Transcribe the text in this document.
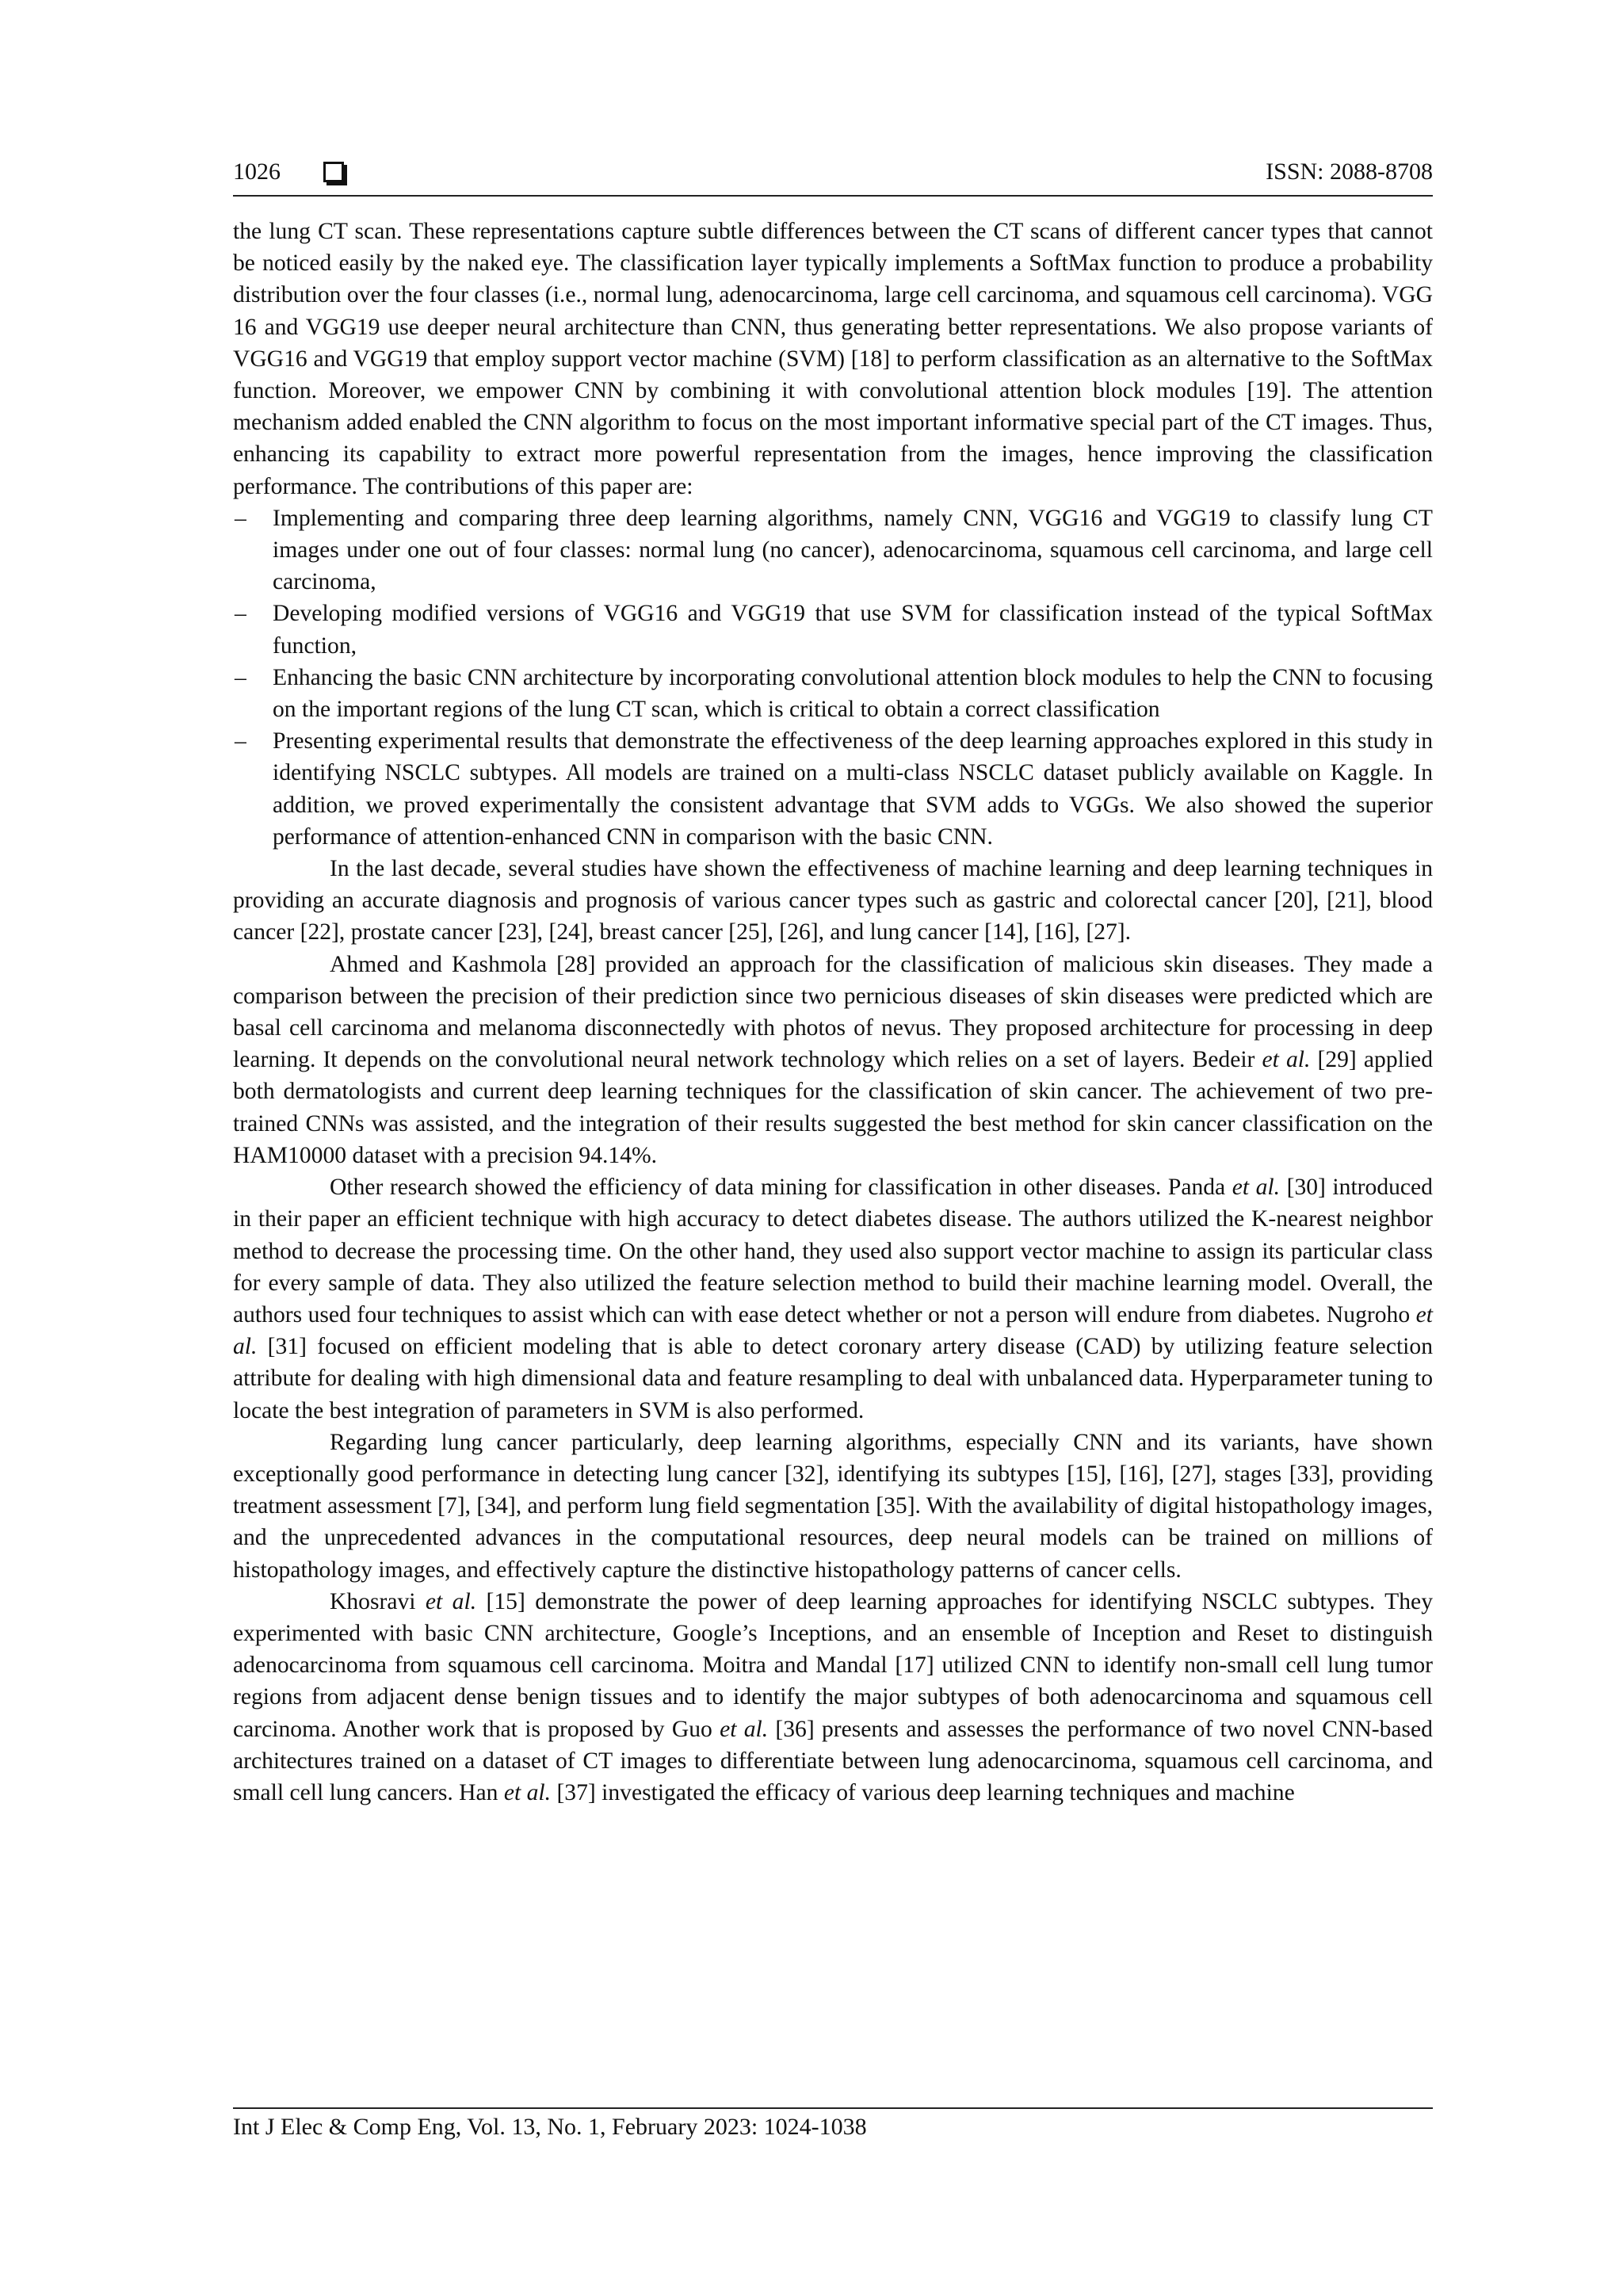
1026	ISSN: 2088-8708

the lung CT scan. These representations capture subtle differences between the CT scans of different cancer types that cannot be noticed easily by the naked eye. The classification layer typically implements a SoftMax function to produce a probability distribution over the four classes (i.e., normal lung, adenocarcinoma, large cell carcinoma, and squamous cell carcinoma). VGG 16 and VGG19 use deeper neural architecture than CNN, thus generating better representations. We also propose variants of VGG16 and VGG19 that employ support vector machine (SVM) [18] to perform classification as an alternative to the SoftMax function. Moreover, we empower CNN by combining it with convolutional attention block modules [19]. The attention mechanism added enabled the CNN algorithm to focus on the most important informative special part of the CT images. Thus, enhancing its capability to extract more powerful representation from the images, hence improving the classification performance. The contributions of this paper are:

– Implementing and comparing three deep learning algorithms, namely CNN, VGG16 and VGG19 to classify lung CT images under one out of four classes: normal lung (no cancer), adenocarcinoma, squamous cell carcinoma, and large cell carcinoma,
– Developing modified versions of VGG16 and VGG19 that use SVM for classification instead of the typical SoftMax function,
– Enhancing the basic CNN architecture by incorporating convolutional attention block modules to help the CNN to focusing on the important regions of the lung CT scan, which is critical to obtain a correct classification
– Presenting experimental results that demonstrate the effectiveness of the deep learning approaches explored in this study in identifying NSCLC subtypes. All models are trained on a multi-class NSCLC dataset publicly available on Kaggle. In addition, we proved experimentally the consistent advantage that SVM adds to VGGs. We also showed the superior performance of attention-enhanced CNN in comparison with the basic CNN.

In the last decade, several studies have shown the effectiveness of machine learning and deep learning techniques in providing an accurate diagnosis and prognosis of various cancer types such as gastric and colorectal cancer [20], [21], blood cancer [22], prostate cancer [23], [24], breast cancer [25], [26], and lung cancer [14], [16], [27].

Ahmed and Kashmola [28] provided an approach for the classification of malicious skin diseases. They made a comparison between the precision of their prediction since two pernicious diseases of skin diseases were predicted which are basal cell carcinoma and melanoma disconnectedly with photos of nevus. They proposed architecture for processing in deep learning. It depends on the convolutional neural network technology which relies on a set of layers. Bedeir et al. [29] applied both dermatologists and current deep learning techniques for the classification of skin cancer. The achievement of two pre-trained CNNs was assisted, and the integration of their results suggested the best method for skin cancer classification on the HAM10000 dataset with a precision 94.14%.

Other research showed the efficiency of data mining for classification in other diseases. Panda et al. [30] introduced in their paper an efficient technique with high accuracy to detect diabetes disease. The authors utilized the K-nearest neighbor method to decrease the processing time. On the other hand, they used also support vector machine to assign its particular class for every sample of data. They also utilized the feature selection method to build their machine learning model. Overall, the authors used four techniques to assist which can with ease detect whether or not a person will endure from diabetes. Nugroho et al. [31] focused on efficient modeling that is able to detect coronary artery disease (CAD) by utilizing feature selection attribute for dealing with high dimensional data and feature resampling to deal with unbalanced data. Hyperparameter tuning to locate the best integration of parameters in SVM is also performed.

Regarding lung cancer particularly, deep learning algorithms, especially CNN and its variants, have shown exceptionally good performance in detecting lung cancer [32], identifying its subtypes [15], [16], [27], stages [33], providing treatment assessment [7], [34], and perform lung field segmentation [35]. With the availability of digital histopathology images, and the unprecedented advances in the computational resources, deep neural models can be trained on millions of histopathology images, and effectively capture the distinctive histopathology patterns of cancer cells.

Khosravi et al. [15] demonstrate the power of deep learning approaches for identifying NSCLC subtypes. They experimented with basic CNN architecture, Google’s Inceptions, and an ensemble of Inception and Reset to distinguish adenocarcinoma from squamous cell carcinoma. Moitra and Mandal [17] utilized CNN to identify non-small cell lung tumor regions from adjacent dense benign tissues and to identify the major subtypes of both adenocarcinoma and squamous cell carcinoma. Another work that is proposed by Guo et al. [36] presents and assesses the performance of two novel CNN-based architectures trained on a dataset of CT images to differentiate between lung adenocarcinoma, squamous cell carcinoma, and small cell lung cancers. Han et al. [37] investigated the efficacy of various deep learning techniques and machine

Int J Elec & Comp Eng, Vol. 13, No. 1, February 2023: 1024-1038
